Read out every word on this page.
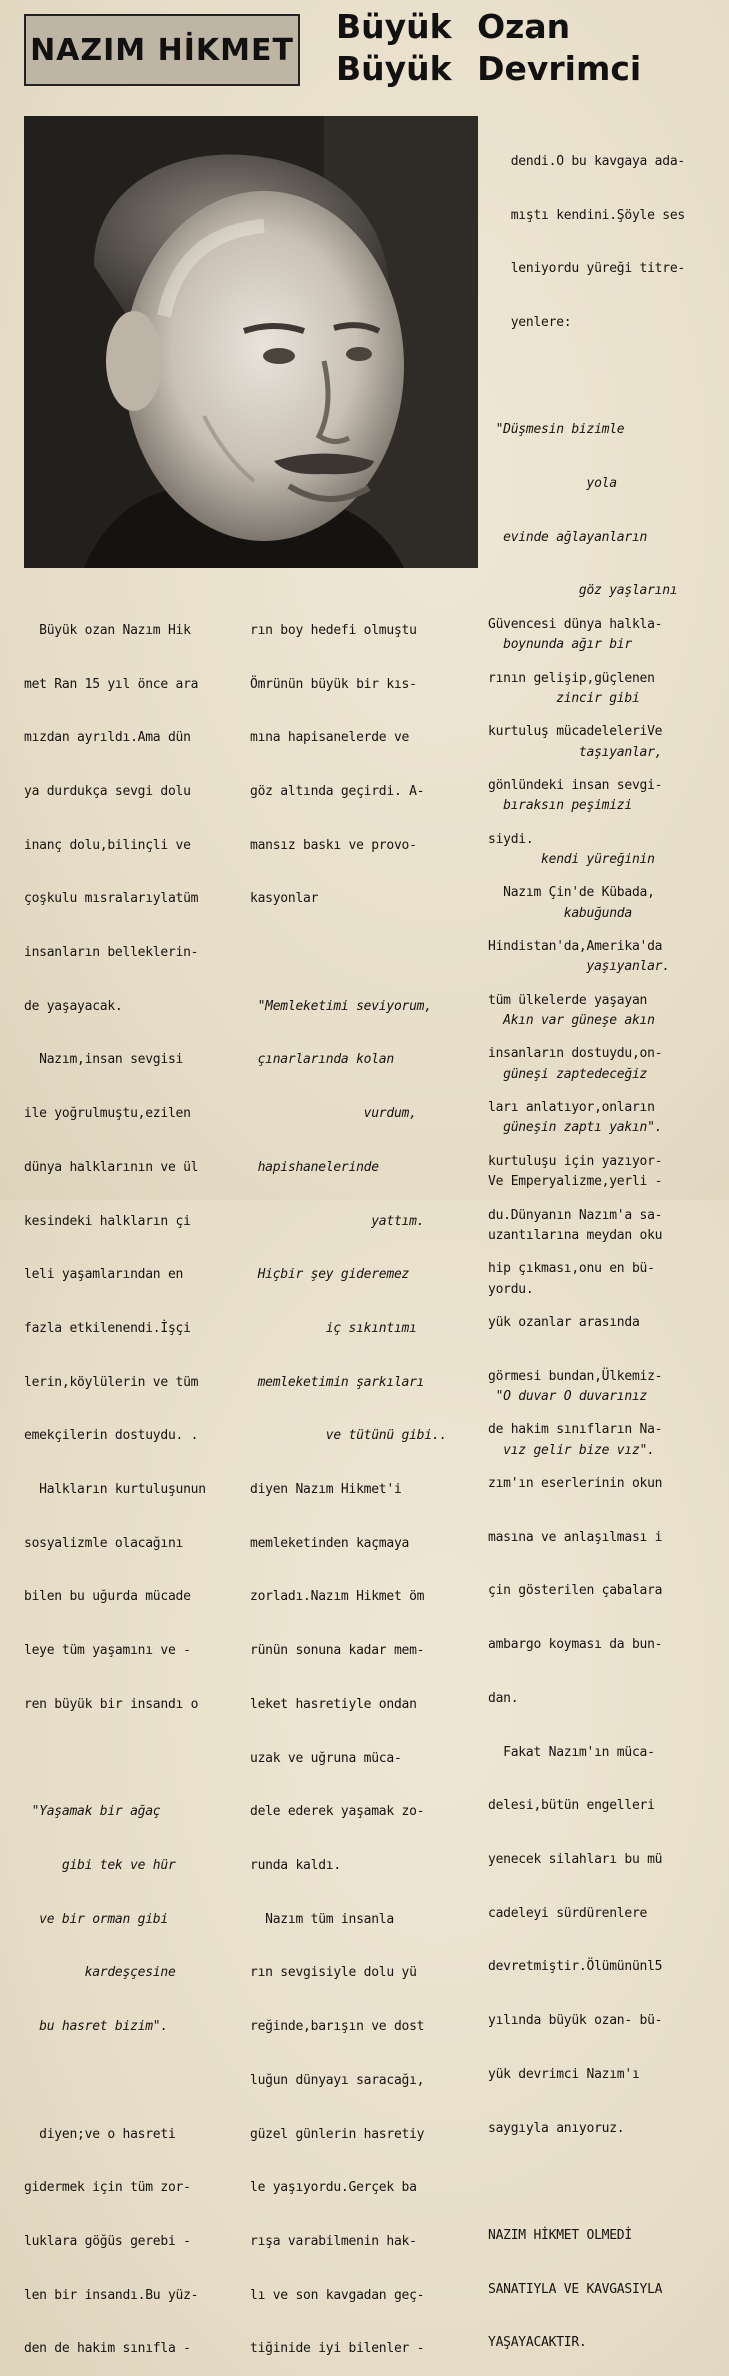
NAZIM HİKMET
Büyük Ozan
Büyük Devrimci

Büyük ozan Nazım Hik

met Ran 15 yıl önce ara

mızdan ayrıldı.Ama dün

ya durdukça sevgi dolu

inanç dolu,bilinçli ve

çoşkulu mısralarıylatüm

insanların belleklerin-

de yaşayacak.

Nazım,insan sevgisi

ile yoğrulmuştu,ezilen

dünya halklarının ve ül

kesindeki halkların çi

leli yaşamlarından en

fazla etkilenendi.İşçi

lerin,köylülerin ve tüm

emekçilerin dostuydu. .

Halkların kurtuluşunun

sosyalizmle olacağını

bilen bu uğurda mücade

leye tüm yaşamını ve -

ren büyük bir insandı o

"Yaşamak bir ağaç

gibi tek ve hür

ve bir orman gibi

kardeşçesine

bu hasret bizim".

diyen;ve o hasreti

gidermek için tüm zor-

luklara göğüs gerebi -

len bir insandı.Bu yüz-

den de hakim sınıfla -

rın boy hedefi olmuştu

Ömrünün büyük bir kıs-

mına hapisanelerde ve

göz altında geçirdi. A-

mansız baskı ve provo-

kasyonlar

"Memleketimi seviyorum,

çınarlarında kolan

vurdum,

hapishanelerinde

yattım.

Hiçbir şey gideremez

iç sıkıntımı

memleketimin şarkıları

ve tütünü gibi..

diyen Nazım Hikmet'i

memleketinden kaçmaya

zorladı.Nazım Hikmet öm

rünün sonuna kadar mem-

leket hasretiyle ondan

uzak ve uğruna müca-

dele ederek yaşamak zo-

runda kaldı.

Nazım tüm insanla

rın sevgisiyle dolu yü

reğinde,barışın ve dost

luğun dünyayı saracağı,

güzel günlerin hasretiy

le yaşıyordu.Gerçek ba

rışa varabilmenin hak-

lı ve son kavgadan geç-

tiğinide iyi bilenler -

dendi.O bu kavgaya ada-

mıştı kendini.Şöyle ses

leniyordu yüreği titre-

yenlere:

"Düşmesin bizimle

yola

evinde ağlayanların

göz yaşlarını

boynunda ağır bir

zincir gibi

taşıyanlar,

bıraksın peşimizi

kendi yüreğinin

kabuğunda

yaşıyanlar.

Akın var güneşe akın

güneşi zaptedeceğiz

güneşin zaptı yakın".

Ve Emperyalizme,yerli -

uzantılarına meydan oku

yordu.

"O duvar O duvarınız

vız gelir bize vız".

Güvencesi dünya halkla-

rının gelişip,güçlenen

kurtuluş mücadeleleriVe

gönlündeki insan sevgi-

siydi.

Nazım Çin'de Kübada,

Hindistan'da,Amerika'da

tüm ülkelerde yaşayan

insanların dostuydu,on-

ları anlatıyor,onların

kurtuluşu için yazıyor-

du.Dünyanın Nazım'a sa-

hip çıkması,onu en bü-

yük ozanlar arasında

görmesi bundan,Ülkemiz-

de hakim sınıfların Na-

zım'ın eserlerinin okun

masına ve anlaşılması i

çin gösterilen çabalara

ambargo koyması da bun-

dan.

Fakat Nazım'ın müca-

delesi,bütün engelleri

yenecek silahları bu mü

cadeleyi sürdürenlere

devretmiştir.Ölümününl5

yılında büyük ozan- bü-

yük devrimci Nazım'ı

saygıyla anıyoruz.

NAZIM HİKMET OLMEDİ

SANATIYLA VE KAVGASIYLA

YAŞAYACAKTIR.
